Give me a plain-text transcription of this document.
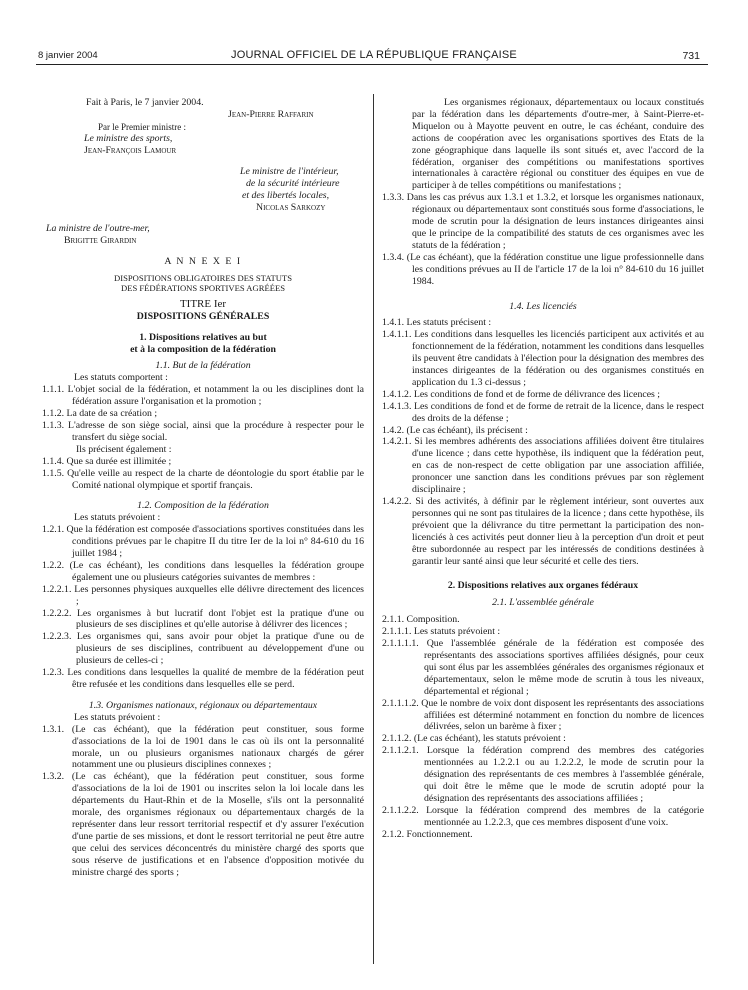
8 janvier 2004	JOURNAL OFFICIEL DE LA RÉPUBLIQUE FRANÇAISE	731

Fait à Paris, le 7 janvier 2004.

Jean-Pierre Raffarin

Par le Premier ministre :

Le ministre des sports,

Jean-François Lamour

Le ministre de l'intérieur,

de la sécurité intérieure

et des libertés locales,

Nicolas Sarkozy

La ministre de l'outre-mer,

Brigitte Girardin

A N N E X E I

DISPOSITIONS OBLIGATOIRES DES STATUTS

DES FÉDÉRATIONS SPORTIVES AGRÉÉES

TITRE Ier

DISPOSITIONS GÉNÉRALES

1. Dispositions relatives au but

et à la composition de la fédération

1.1. But de la fédération

Les statuts comportent :

1.1.1. L'objet social de la fédération, et notamment la ou les disciplines dont la fédération assure l'organisation et la promotion ;

1.1.2. La date de sa création ;

1.1.3. L'adresse de son siège social, ainsi que la procédure à respecter pour le transfert du siège social.

Ils précisent également :

1.1.4. Que sa durée est illimitée ;

1.1.5. Qu'elle veille au respect de la charte de déontologie du sport établie par le Comité national olympique et sportif français.

1.2. Composition de la fédération

Les statuts prévoient :

1.2.1. Que la fédération est composée d'associations sportives constituées dans les conditions prévues par le chapitre II du titre Ier de la loi n° 84-610 du 16 juillet 1984 ;

1.2.2. (Le cas échéant), les conditions dans lesquelles la fédération groupe également une ou plusieurs catégories suivantes de membres :

1.2.2.1. Les personnes physiques auxquelles elle délivre directement des licences ;

1.2.2.2. Les organismes à but lucratif dont l'objet est la pratique d'une ou plusieurs de ses disciplines et qu'elle autorise à délivrer des licences ;

1.2.2.3. Les organismes qui, sans avoir pour objet la pratique d'une ou de plusieurs de ses disciplines, contribuent au développement d'une ou plusieurs de celles-ci ;

1.2.3. Les conditions dans lesquelles la qualité de membre de la fédération peut être refusée et les conditions dans lesquelles elle se perd.

1.3. Organismes nationaux, régionaux ou départementaux

Les statuts prévoient :

1.3.1. (Le cas échéant), que la fédération peut constituer, sous forme d'associations de la loi de 1901 dans le cas où ils ont la personnalité morale, un ou plusieurs organismes nationaux chargés de gérer notamment une ou plusieurs disciplines connexes ;

1.3.2. (Le cas échéant), que la fédération peut constituer, sous forme d'associations de la loi de 1901 ou inscrites selon la loi locale dans les départements du Haut-Rhin et de la Moselle, s'ils ont la personnalité morale, des organismes régionaux ou départementaux chargés de la représenter dans leur ressort territorial respectif et d'y assurer l'exécution d'une partie de ses missions, et dont le ressort territorial ne peut être autre que celui des services déconcentrés du ministère chargé des sports que sous réserve de justifications et en l'absence d'opposition motivée du ministre chargé des sports ;

Les organismes régionaux, départementaux ou locaux constitués par la fédération dans les départements d'outre-mer, à Saint-Pierre-et-Miquelon ou à Mayotte peuvent en outre, le cas échéant, conduire des actions de coopération avec les organisations sportives des Etats de la zone géographique dans laquelle ils sont situés et, avec l'accord de la fédération, organiser des compétitions ou manifestations sportives internationales à caractère régional ou constituer des équipes en vue de participer à de telles compétitions ou manifestations ;

1.3.3. Dans les cas prévus aux 1.3.1 et 1.3.2, et lorsque les organismes nationaux, régionaux ou départementaux sont constitués sous forme d'associations, le mode de scrutin pour la désignation de leurs instances dirigeantes ainsi que le principe de la compatibilité des statuts de ces organismes avec les statuts de la fédération ;

1.3.4. (Le cas échéant), que la fédération constitue une ligue professionnelle dans les conditions prévues au II de l'article 17 de la loi n° 84-610 du 16 juillet 1984.

1.4. Les licenciés

1.4.1. Les statuts précisent :

1.4.1.1. Les conditions dans lesquelles les licenciés participent aux activités et au fonctionnement de la fédération, notamment les conditions dans lesquelles ils peuvent être candidats à l'élection pour la désignation des membres des instances dirigeantes de la fédération ou des organismes constitués en application du 1.3 ci-dessus ;

1.4.1.2. Les conditions de fond et de forme de délivrance des licences ;

1.4.1.3. Les conditions de fond et de forme de retrait de la licence, dans le respect des droits de la défense ;

1.4.2. (Le cas échéant), ils précisent :

1.4.2.1. Si les membres adhérents des associations affiliées doivent être titulaires d'une licence ; dans cette hypothèse, ils indiquent que la fédération peut, en cas de non-respect de cette obligation par une association affiliée, prononcer une sanction dans les conditions prévues par son règlement disciplinaire ;

1.4.2.2. Si des activités, à définir par le règlement intérieur, sont ouvertes aux personnes qui ne sont pas titulaires de la licence ; dans cette hypothèse, ils prévoient que la délivrance du titre permettant la participation des non-licenciés à ces activités peut donner lieu à la perception d'un droit et peut être subordonnée au respect par les intéressés de conditions destinées à garantir leur santé ainsi que leur sécurité et celle des tiers.

2. Dispositions relatives aux organes fédéraux

2.1. L'assemblée générale

2.1.1. Composition.

2.1.1.1. Les statuts prévoient :

2.1.1.1.1. Que l'assemblée générale de la fédération est composée des représentants des associations sportives affiliées désignés, pour ceux qui sont élus par les assemblées générales des organismes régionaux et départementaux, selon le même mode de scrutin à tous les niveaux, départemental et régional ;

2.1.1.1.2. Que le nombre de voix dont disposent les représentants des associations affiliées est déterminé notamment en fonction du nombre de licences délivrées, selon un barème à fixer ;

2.1.1.2. (Le cas échéant), les statuts prévoient :

2.1.1.2.1. Lorsque la fédération comprend des membres des catégories mentionnées au 1.2.2.1 ou au 1.2.2.2, le mode de scrutin pour la désignation des représentants de ces membres à l'assemblée générale, qui doit être le même que le mode de scrutin adopté pour la désignation des représentants des associations affiliées ;

2.1.1.2.2. Lorsque la fédération comprend des membres de la catégorie mentionnée au 1.2.2.3, que ces membres disposent d'une voix.

2.1.2. Fonctionnement.
